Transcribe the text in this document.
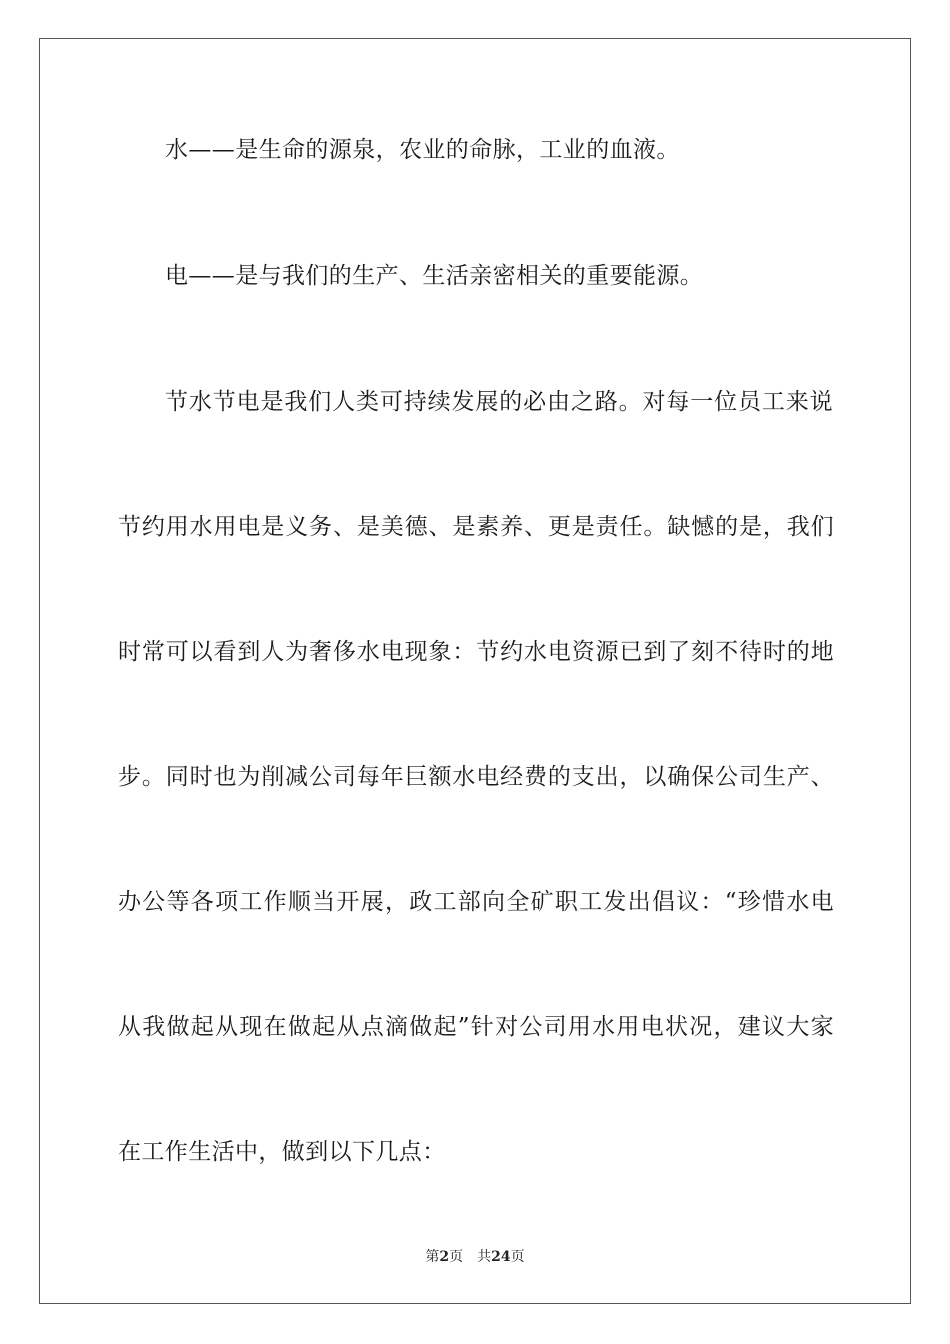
水——是生命的源泉，农业的命脉，工业的血液。
电——是与我们的生产、生活亲密相关的重要能源。
节水节电是我们人类可持续发展的必由之路。对每一位员工来说
节约用水用电是义务、是美德、是素养、更是责任。缺憾的是，我们
时常可以看到人为奢侈水电现象：节约水电资源已到了刻不待时的地
步。同时也为削减公司每年巨额水电经费的支出，以确保公司生产、
办公等各项工作顺当开展，政工部向全矿职工发出倡议：“珍惜水电
从我做起从现在做起从点滴做起”针对公司用水用电状况，建议大家
在工作生活中，做到以下几点：
第2页 共24页
